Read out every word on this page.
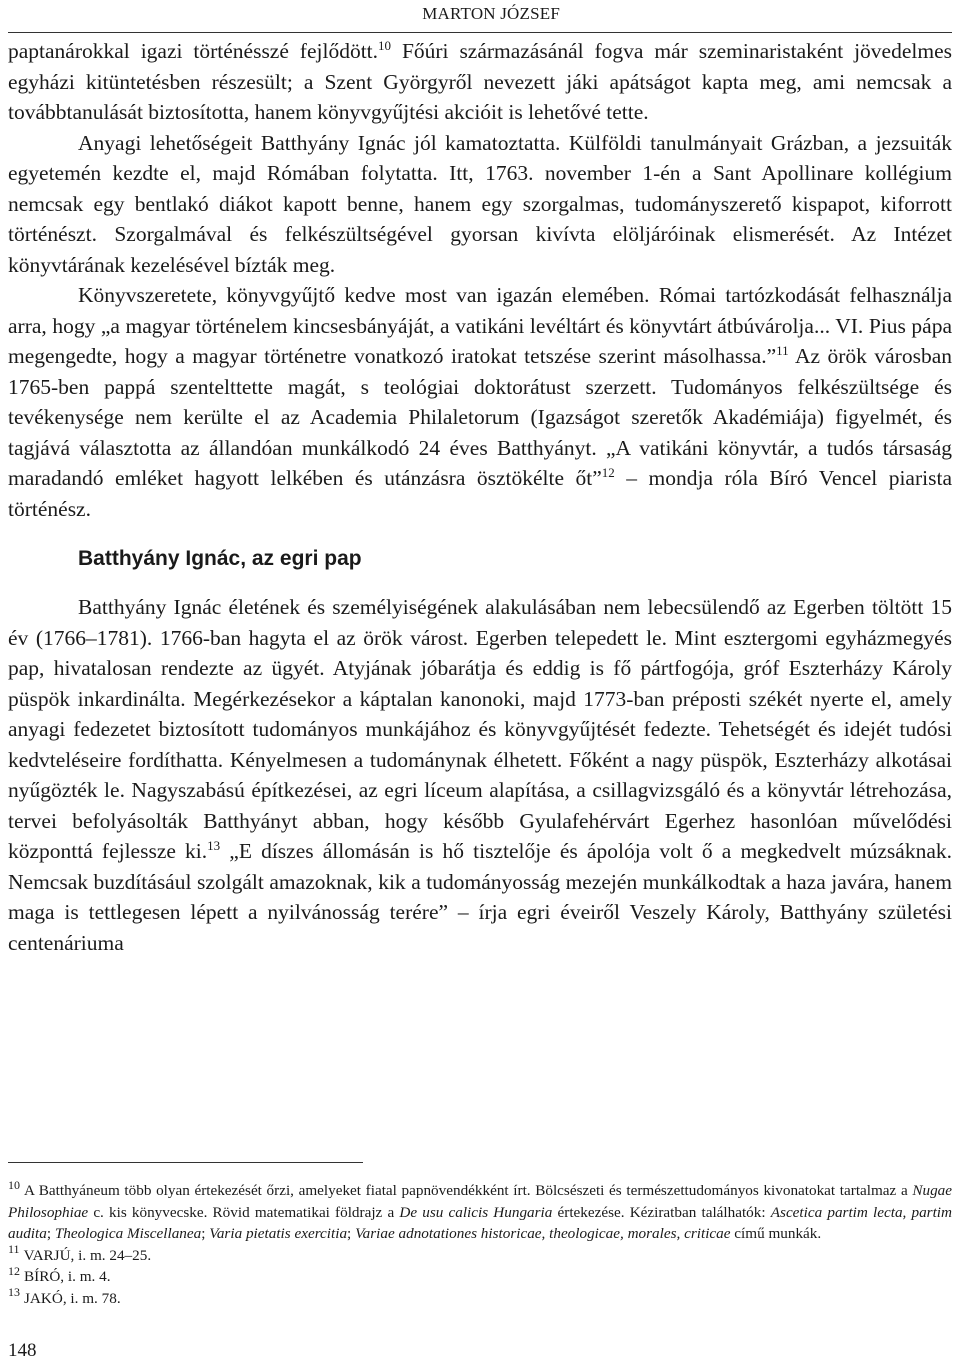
MARTON JÓZSEF

paptanárokkal igazi történésszé fejlődött.$^{10}$ Főúri származásánál fogva már szeminaristaként jövedelmes egyházi kitüntetésben részesült; a Szent Györgyről nevezett jáki apátságot kapta meg, ami nemcsak a továbbtanulását biztosította, hanem könyvgyűjtési akcióit is lehetővé tette.

Anyagi lehetőségeit Batthyány Ignác jól kamatoztatta. Külföldi tanulmányait Grázban, a jezsuiták egyetemén kezdte el, majd Rómában folytatta. Itt, 1763. november 1-én a Sant Apollinare kollégium nemcsak egy bentlakó diákot kapott benne, hanem egy szorgalmas, tudományszerető kispapot, kiforrott történészt. Szorgalmával és felkészültségével gyorsan kivívta elöljáróinak elismerését. Az Intézet könyvtárának kezelésével bízták meg.

Könyvszeretete, könyvgyűjtő kedve most van igazán elemében. Római tartózkodását felhasználja arra, hogy „a magyar történelem kincsesbányáját, a vatikáni levéltárt és könyvtárt átbúvárolja... VI. Pius pápa megengedte, hogy a magyar történetre vonatkozó iratokat tetszése szerint másolhassa.”$^{11}$ Az örök városban 1765-ben pappá szentelttette magát, s teológiai doktorátust szerzett. Tudományos felkészültsége és tevékenysége nem kerülte el az Academia Philaletorum (Igazságot szeretők Akadémiája) figyelmét, és tagjává választotta az állandóan munkálkodó 24 éves Batthyányt. „A vatikáni könyvtár, a tudós társaság maradandó emléket hagyott lelkében és utánzásra ösztökélte őt”$^{12}$ – mondja róla Bíró Vencel piarista történész.

Batthyány Ignác, az egri pap

Batthyány Ignác életének és személyiségének alakulásában nem lebecsülendő az Egerben töltött 15 év (1766–1781). 1766-ban hagyta el az örök várost. Egerben telepedett le. Mint esztergomi egyházmegyés pap, hivatalosan rendezte az ügyét. Atyjának jóbarátja és eddig is fő pártfogója, gróf Eszterházy Károly püspök inkardinálta. Megérkezésekor a káptalan kanonoki, majd 1773-ban préposti székét nyerte el, amely anyagi fedezetet biztosított tudományos munkájához és könyvgyűjtését fedezte. Tehetségét és idejét tudósi kedvteléseire fordíthatta. Kényelmesen a tudománynak élhetett. Főként a nagy püspök, Eszterházy alkotásai nyűgözték le. Nagyszabású építkezései, az egri líceum alapítása, a csillagvizsgáló és a könyvtár létrehozása, tervei befolyásolták Batthyányt abban, hogy később Gyulafehérvárt Egerhez hasonlóan művelődési központtá fejlessze ki.$^{13}$ „E díszes állomásán is hő tisztelője és ápolója volt ő a megkedvelt múzsáknak. Nemcsak buzdításául szolgált amazoknak, kik a tudományosság mezején munkálkodtak a haza javára, hanem maga is tettlegesen lépett a nyilvánosság terére” – írja egri éveiről Veszely Károly, Batthyány születési centenáriuma

$^{10}$ A Batthyáneum több olyan értekezését őrzi, amelyeket fiatal papnövendékként írt. Bölcsészeti és természettudományos kivonatokat tartalmaz a Nugae Philosophiae c. kis könyvecske. Rövid matematikai földrajz a De usu calicis Hungaria értekezése. Kéziratban találhatók: Ascetica partim lecta, partim audita; Theologica Miscellanea; Varia pietatis exercitia; Variae adnotationes historicae, theologicae, morales, criticae című munkák.

$^{11}$ VARJÚ, i. m. 24–25.

$^{12}$ BÍRÓ, i. m. 4.

$^{13}$ JAKÓ, i. m. 78.

148
